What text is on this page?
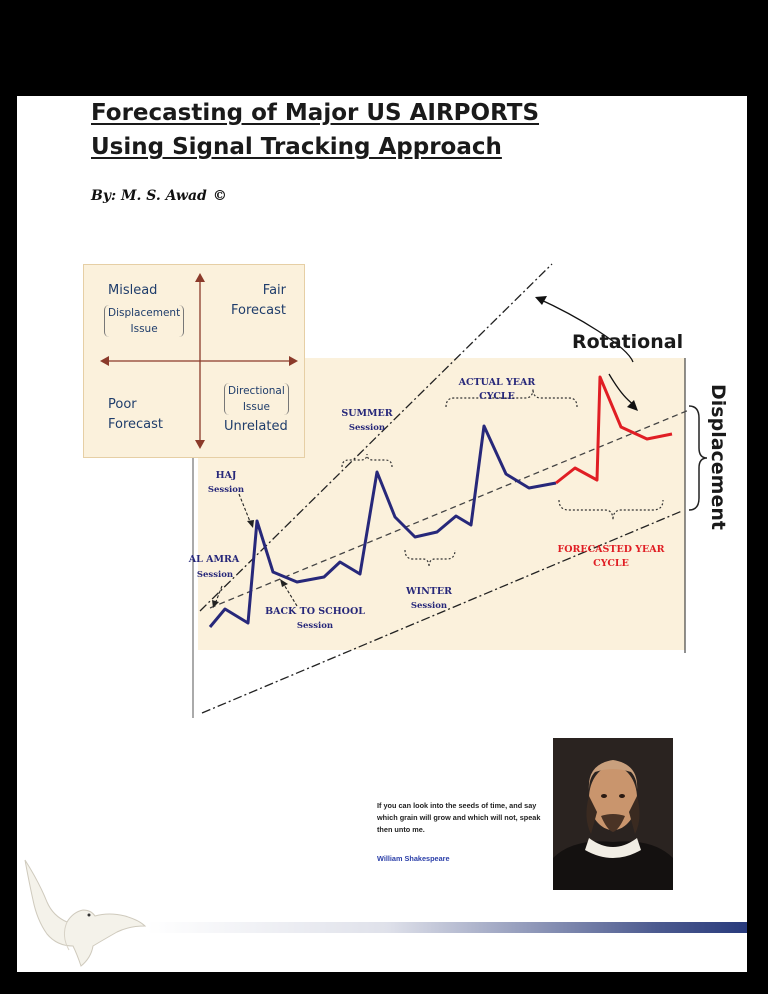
Forecasting of Major US AIRPORTS
Using Signal Tracking Approach
By: M. S. Awad ©
Rotational
Displacement
HAJ
Session
AL AMRA
Session
BACK TO SCHOOL
Session
SUMMER
Session
WINTER
Session
ACTUAL YEAR
CYCLE
FORECASTED YEAR
CYCLE
Mislead
Displacement
Issue
Fair
Forecast
Poor
Forecast
Directional
Issue
Unrelated
If you can look into the seeds of time, and say which grain will grow and which will not, speak then unto me.
William Shakespeare
